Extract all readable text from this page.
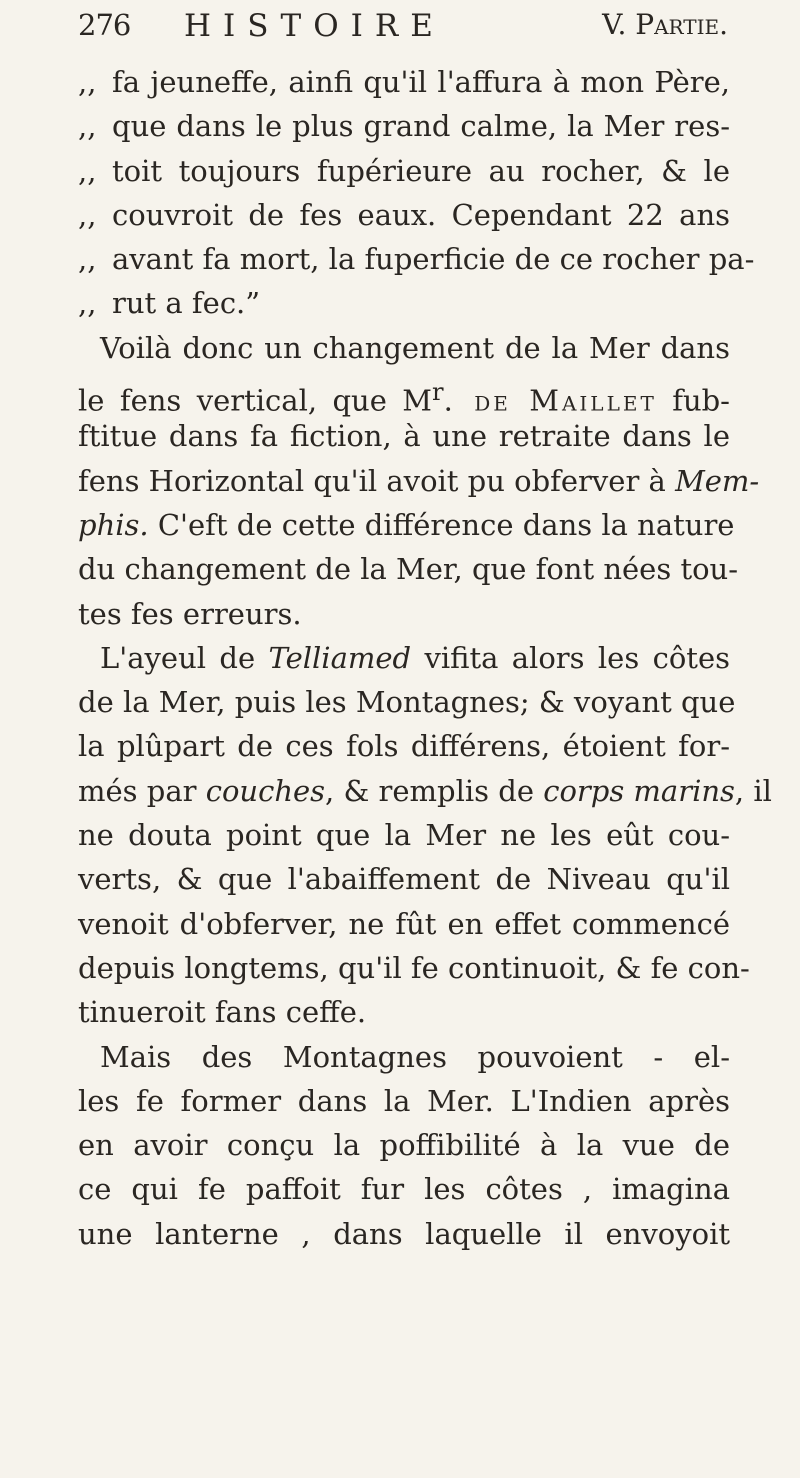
276 HISTOIRE	V. Partie.
,, fa jeuneffe, ainfi qu'il l'affura à mon Père,
,, que dans le plus grand calme, la Mer res-
,, toit toujours fupérieure au rocher, & le
,, couvroit de fes eaux. Cependant 22 ans
,, avant fa mort, la fuperficie de ce rocher pa-
,, rut a fec.”
Voilà donc un changement de la Mer dans
le fens vertical, que $M^r$. de Maillet fub-
ftitue dans fa fiction, à une retraite dans le
fens Horizontal qu'il avoit pu obferver à Mem-
phis. C'eft de cette différence dans la nature
du changement de la Mer, que font nées tou-
tes fes erreurs.
L'ayeul de Telliamed vifita alors les côtes
de la Mer, puis les Montagnes; & voyant que
la plûpart de ces fols différens, étoient for-
més par couches, & remplis de corps marins, il
ne douta point que la Mer ne les eût cou-
verts, & que l'abaiffement de Niveau qu'il
venoit d'obferver, ne fût en effet commencé
depuis longtems, qu'il fe continuoit, & fe con-
tinueroit fans ceffe.
Mais des Montagnes pouvoient - el-
les fe former dans la Mer. L'Indien après
en avoir conçu la poffibilité à la vue de
ce qui fe paffoit fur les côtes , imagina
une lanterne , dans laquelle il envoyoit
